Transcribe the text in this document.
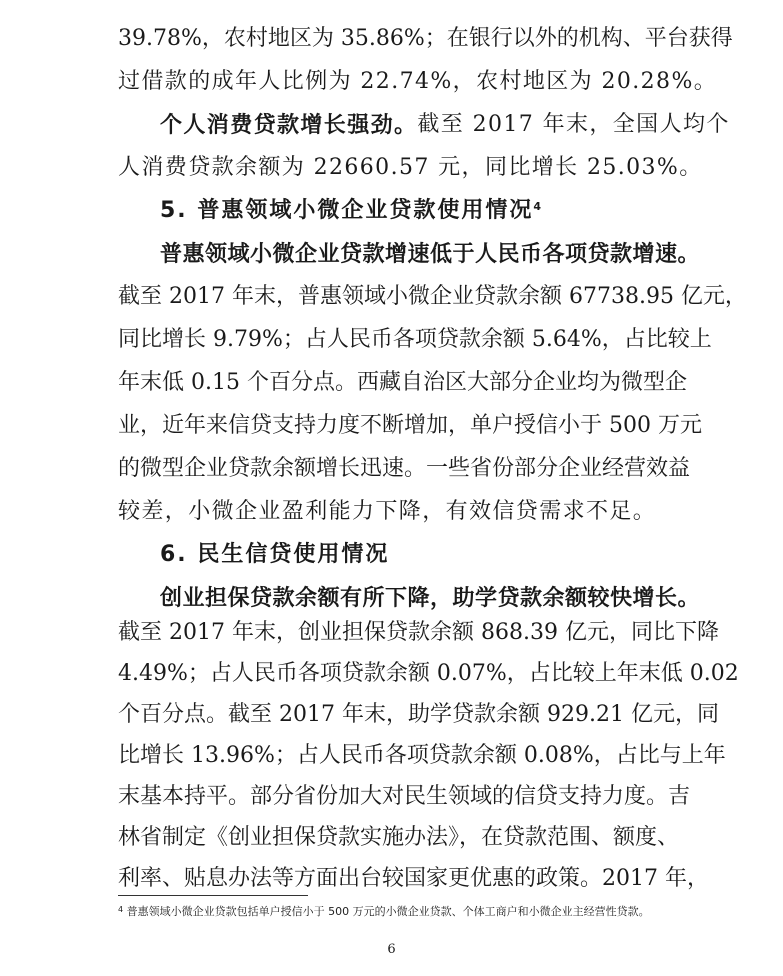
39.78%，农村地区为 35.86%；在银行以外的机构、平台获得
过借款的成年人比例为 22.74%，农村地区为 20.28%。
个人消费贷款增长强劲。 截至 2017 年末，全国人均个
人消费贷款余额为 22660.57 元，同比增长 25.03%。
5. 普惠领域小微企业贷款使用情况$^4$
普惠领域小微企业贷款增速低于人民币各项贷款增速。
截至 2017 年末，普惠领域小微企业贷款余额 67738.95 亿元，
同比增长 9.79%；占人民币各项贷款余额 5.64%，占比较上
年末低 0.15 个百分点。西藏自治区大部分企业均为微型企
业，近年来信贷支持力度不断增加，单户授信小于 500 万元
的微型企业贷款余额增长迅速。一些省份部分企业经营效益
较差，小微企业盈利能力下降，有效信贷需求不足。
6. 民生信贷使用情况
创业担保贷款余额有所下降，助学贷款余额较快增长。
截至 2017 年末，创业担保贷款余额 868.39 亿元，同比下降
4.49%；占人民币各项贷款余额 0.07%，占比较上年末低 0.02
个百分点。截至 2017 年末，助学贷款余额 929.21 亿元，同
比增长 13.96%；占人民币各项贷款余额 0.08%，占比与上年
末基本持平。部分省份加大对民生领域的信贷支持力度。吉
林省制定《创业担保贷款实施办法》，在贷款范围、额度、
$^4$ 普惠领域小微企业贷款包括单户授信小于 500 万元的小微企业贷款、个体工商户和小微企业主经营性贷款。
6
利率、贴息办法等方面出台较国家更优惠的政策。2017 年，
